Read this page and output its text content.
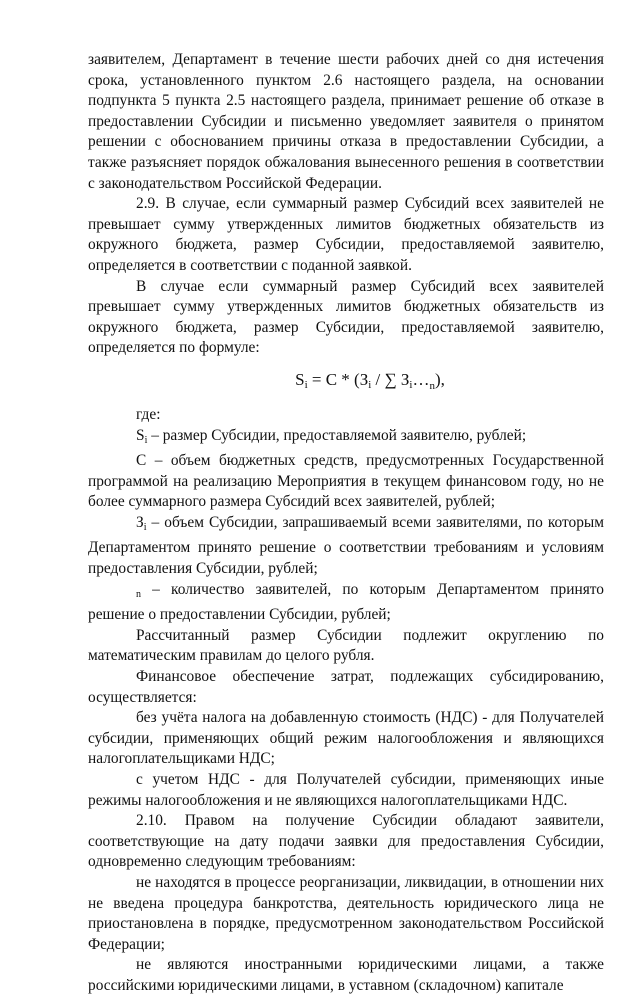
заявителем, Департамент в течение шести рабочих дней со дня истечения срока, установленного пунктом 2.6 настоящего раздела, на основании подпункта 5 пункта 2.5 настоящего раздела, принимает решение об отказе в предоставлении Субсидии и письменно уведомляет заявителя о принятом решении с обоснованием причины отказа в предоставлении Субсидии, а также разъясняет порядок обжалования вынесенного решения в соответствии с законодательством Российской Федерации.

2.9. В случае, если суммарный размер Субсидий всех заявителей не превышает сумму утвержденных лимитов бюджетных обязательств из окружного бюджета, размер Субсидии, предоставляемой заявителю, определяется в соответствии с поданной заявкой.

В случае если суммарный размер Субсидий всех заявителей превышает сумму утвержденных лимитов бюджетных обязательств из окружного бюджета, размер Субсидии, предоставляемой заявителю, определяется по формуле:

$S_i = С * (З_i$ / ∑ $З_i\dots_n$),

где:

$S_i$ – размер Субсидии, предоставляемой заявителю, рублей;

С – объем бюджетных средств, предусмотренных Государственной программой на реализацию Мероприятия в текущем финансовом году, но не более суммарного размера Субсидий всех заявителей, рублей;

$З_i$ – объем Субсидии, запрашиваемый всеми заявителями, по которым Департаментом принято решение о соответствии требованиям и условиям предоставления Субсидии, рублей;

$_n$ – количество заявителей, по которым Департаментом принято решение о предоставлении Субсидии, рублей;

Рассчитанный размер Субсидии подлежит округлению по математическим правилам до целого рубля.

Финансовое обеспечение затрат, подлежащих субсидированию, осуществляется:

без учёта налога на добавленную стоимость (НДС) - для Получателей субсидии, применяющих общий режим налогообложения и являющихся налогоплательщиками НДС;

с учетом НДС - для Получателей субсидии, применяющих иные режимы налогообложения и не являющихся налогоплательщиками НДС.

2.10. Правом на получение Субсидии обладают заявители, соответствующие на дату подачи заявки для предоставления Субсидии, одновременно следующим требованиям:

не находятся в процессе реорганизации, ликвидации, в отношении них не введена процедура банкротства, деятельность юридического лица не приостановлена в порядке, предусмотренном законодательством Российской Федерации;

не являются иностранными юридическими лицами, а также российскими юридическими лицами, в уставном (складочном) капитале
